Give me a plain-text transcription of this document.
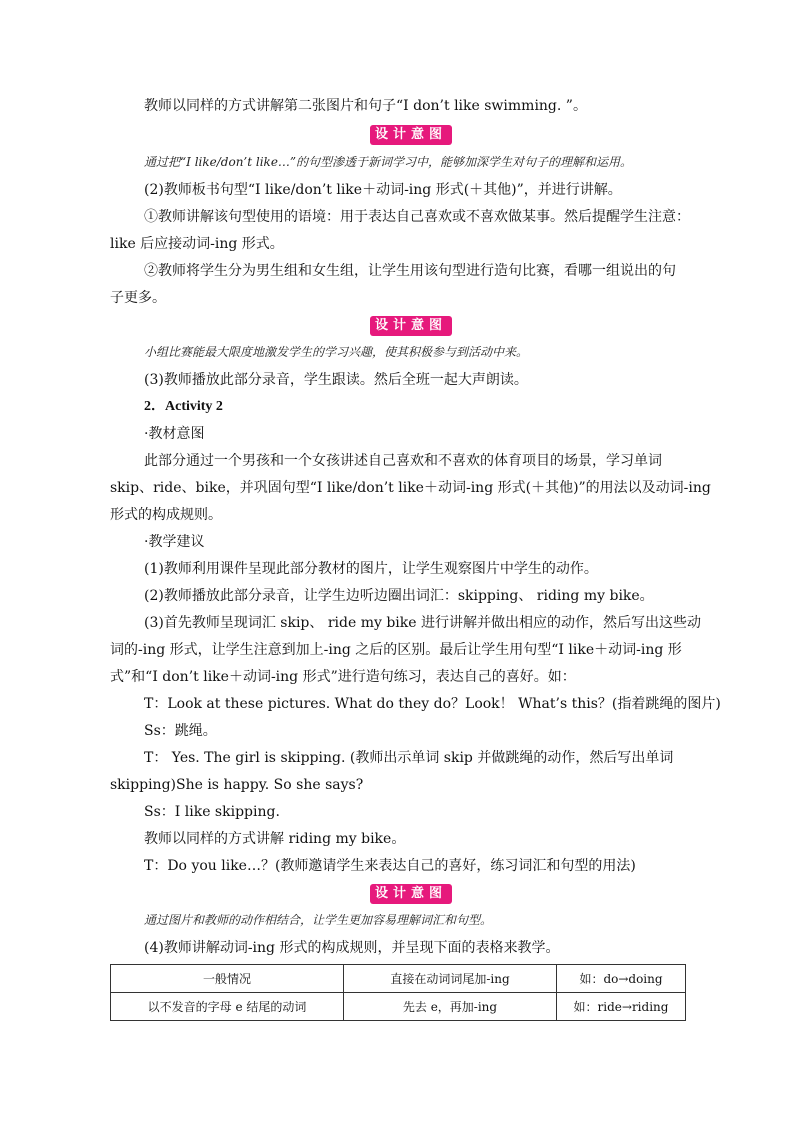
教师以同样的方式讲解第二张图片和句子“I don’t like swimming. ”。
设计意图
通过把“I like/don’t like…”的句型渗透于新词学习中，能够加深学生对句子的理解和运用。
(2)教师板书句型“I like/don’t like＋动词-ing 形式(＋其他)”，并进行讲解。
①教师讲解该句型使用的语境：用于表达自己喜欢或不喜欢做某事。然后提醒学生注意：
like 后应接动词-ing 形式。
②教师将学生分为男生组和女生组，让学生用该句型进行造句比赛，看哪一组说出的句
子更多。
设计意图
小组比赛能最大限度地激发学生的学习兴趣，使其积极参与到活动中来。
(3)教师播放此部分录音，学生跟读。然后全班一起大声朗读。
2．Activity 2
·教材意图
此部分通过一个男孩和一个女孩讲述自己喜欢和不喜欢的体育项目的场景，学习单词
skip、ride、bike，并巩固句型“I like/don’t like＋动词-ing 形式(＋其他)”的用法以及动词-ing
形式的构成规则。
·教学建议
(1)教师利用课件呈现此部分教材的图片，让学生观察图片中学生的动作。
(2)教师播放此部分录音，让学生边听边圈出词汇：skipping、 riding my bike。
(3)首先教师呈现词汇 skip、 ride my bike 进行讲解并做出相应的动作，然后写出这些动
词的-ing 形式，让学生注意到加上-ing 之后的区别。最后让学生用句型“I like＋动词-ing 形
式”和“I don’t like＋动词-ing 形式”进行造句练习，表达自己的喜好。如：
T：Look at these pictures. What do they do？Look！ What’s this？(指着跳绳的图片)
Ss：跳绳。
T： Yes. The girl is skipping. (教师出示单词 skip 并做跳绳的动作，然后写出单词
skipping)She is happy. So she says?
Ss：I like skipping.
教师以同样的方式讲解 riding my bike。
T：Do you like…？(教师邀请学生来表达自己的喜好，练习词汇和句型的用法)
设计意图
通过图片和教师的动作相结合，让学生更加容易理解词汇和句型。
(4)教师讲解动词-ing 形式的构成规则，并呈现下面的表格来教学。
一般情况	直接在动词词尾加-ing	如：do→doing
以不发音的字母 e 结尾的动词	先去 e，再加-ing	如：ride→riding
